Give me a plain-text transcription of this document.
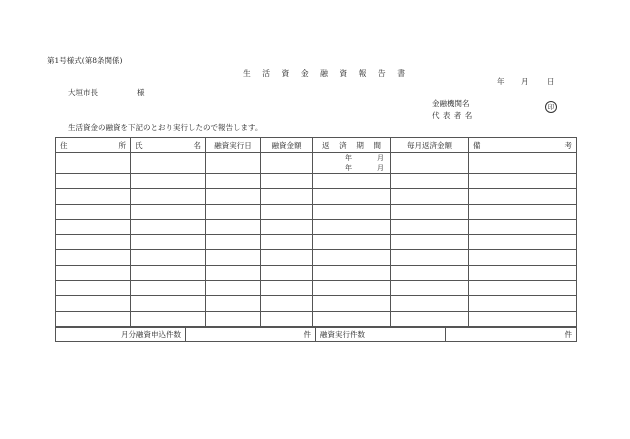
第1号様式(第8条関係)
生 活 資 金 融 資 報 告 書
年 月 日
大垣市長	様
金融機関名
代表者名
印
生活資金の融資を下記のとおり実行したので報告します。
住 所	氏 名	融資実行日	融資金額	返 済 期 間	毎月返済金額	備 考

				年 月
年 月		

月分融資申込件数	件	融資実行件数	件
